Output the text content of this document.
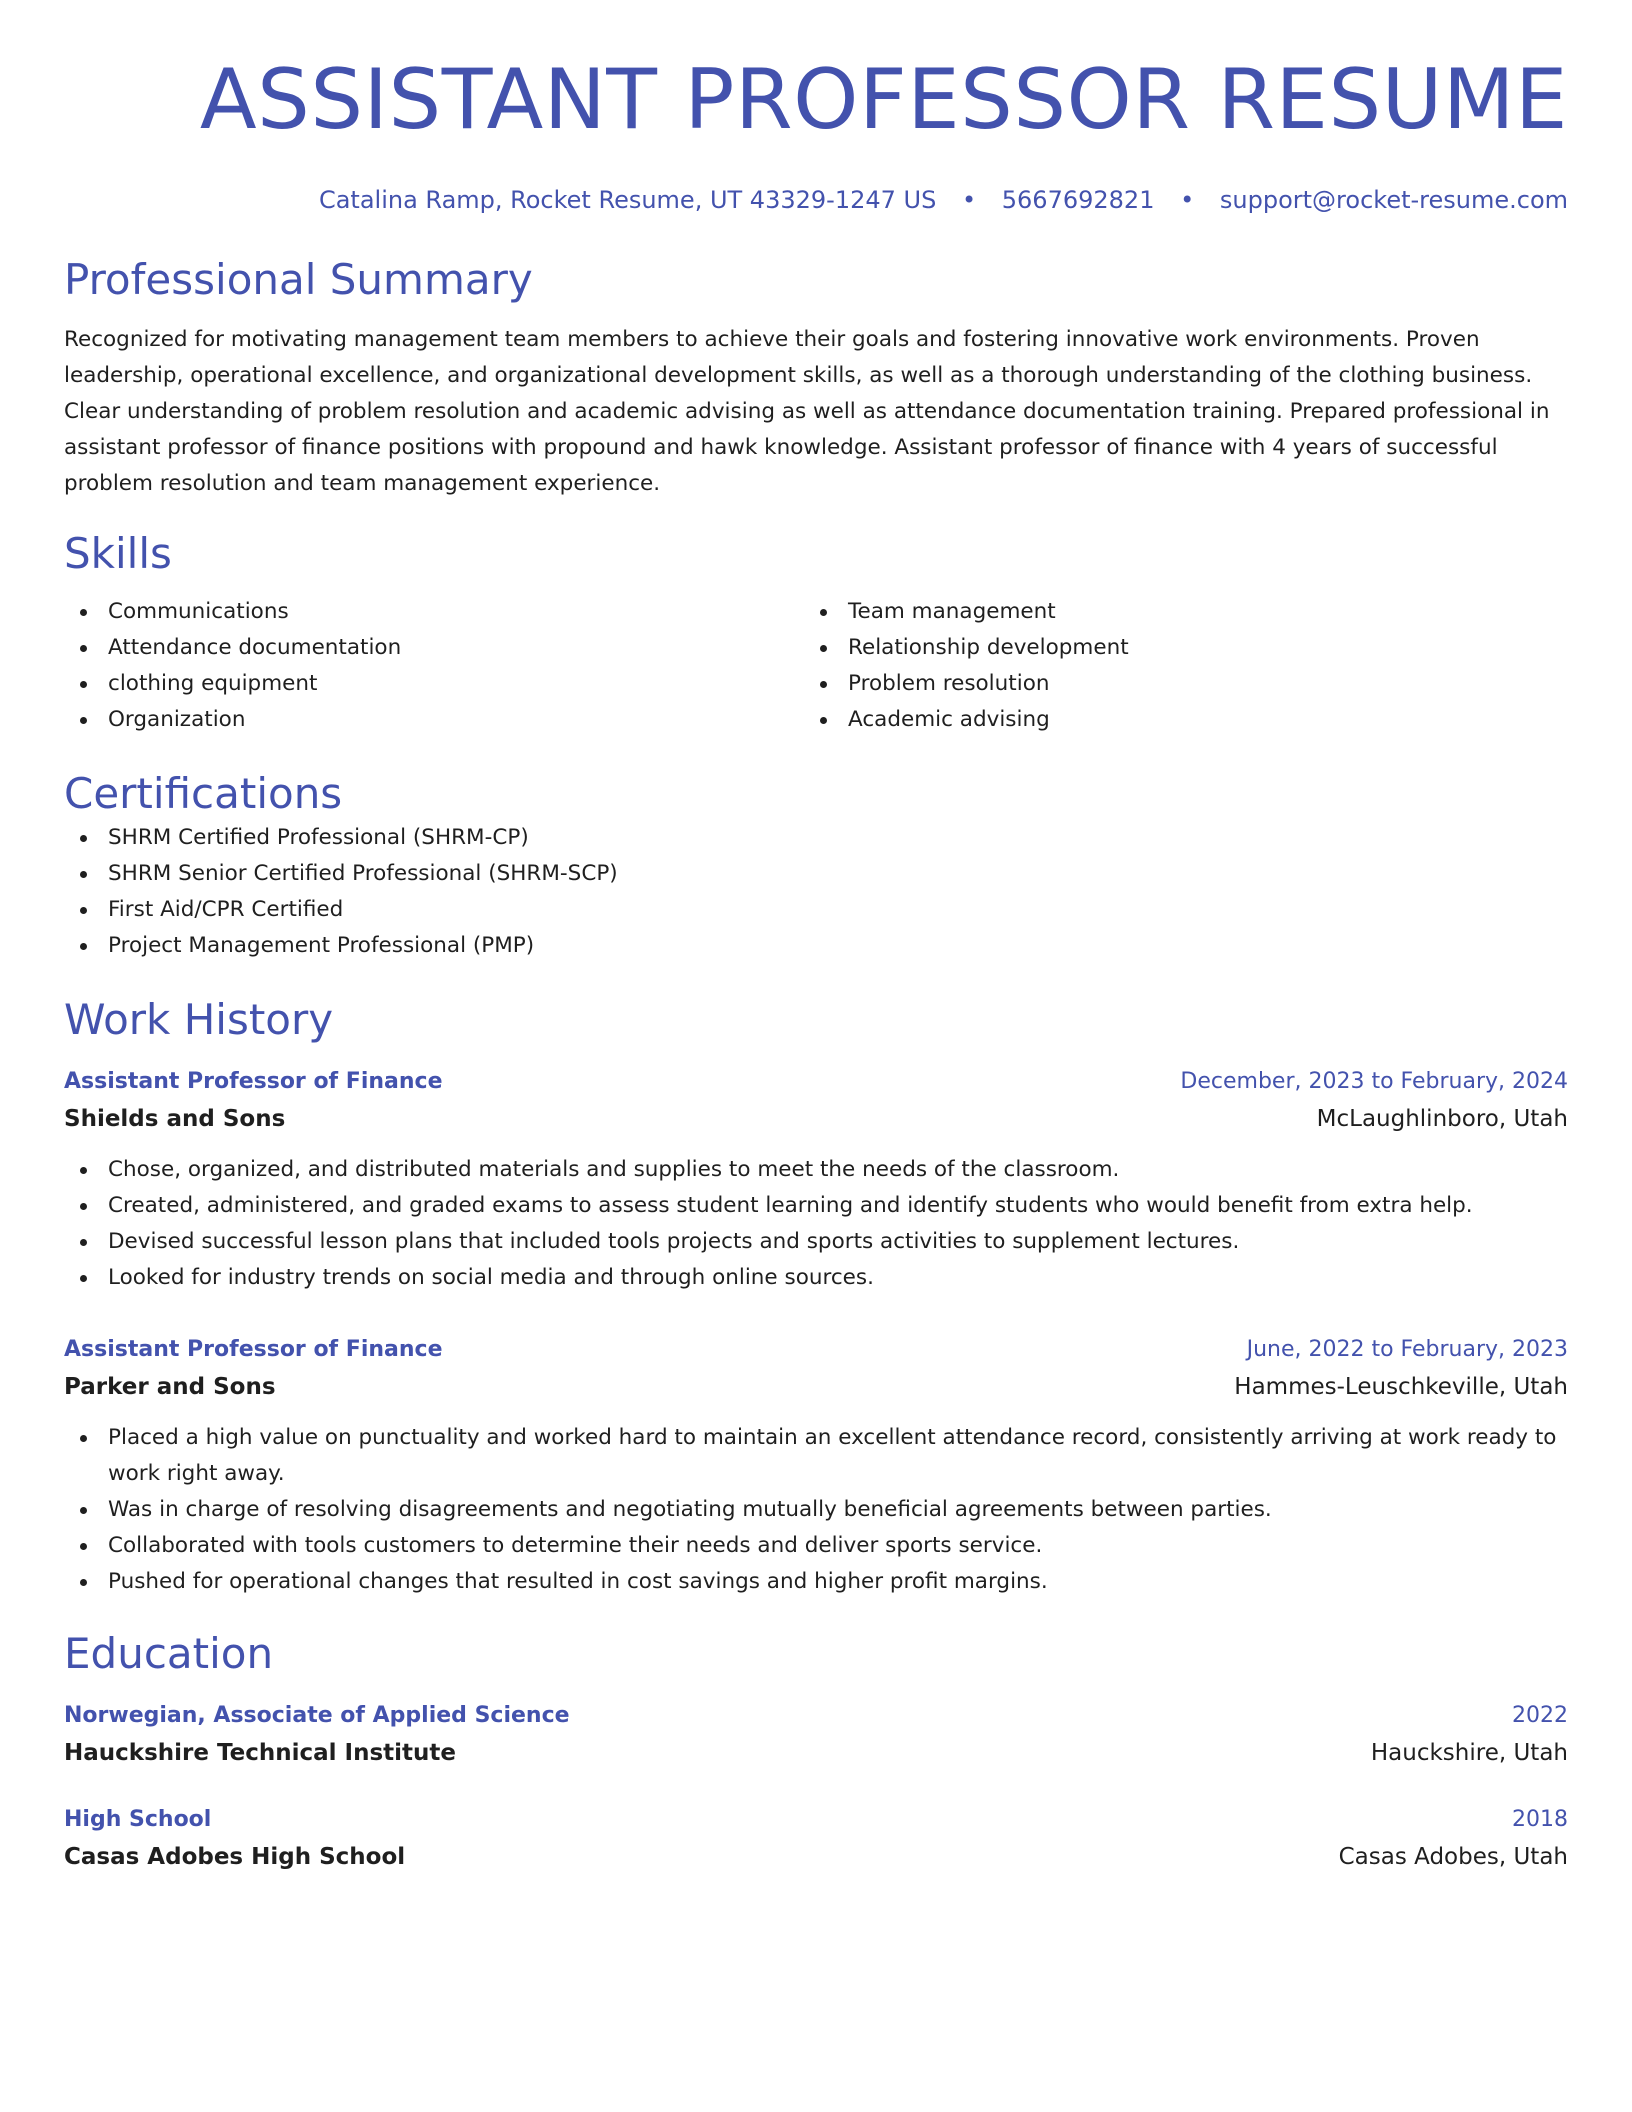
ASSISTANT PROFESSOR RESUME
Catalina Ramp, Rocket Resume, UT 43329-1247 US • 5667692821 • support@rocket-resume.com
Professional Summary
Recognized for motivating management team members to achieve their goals and fostering innovative work environments. Proven leadership, operational excellence, and organizational development skills, as well as a thorough understanding of the clothing business. Clear understanding of problem resolution and academic advising as well as attendance documentation training. Prepared professional in assistant professor of finance positions with propound and hawk knowledge. Assistant professor of finance with 4 years of successful problem resolution and team management experience.
Skills
Communications
Attendance documentation
clothing equipment
Organization
Team management
Relationship development
Problem resolution
Academic advising
Certifications
SHRM Certified Professional (SHRM-CP)
SHRM Senior Certified Professional (SHRM-SCP)
First Aid/CPR Certified
Project Management Professional (PMP)
Work History
Assistant Professor of Finance	December, 2023 to February, 2024
Shields and Sons	McLaughlinboro, Utah
Chose, organized, and distributed materials and supplies to meet the needs of the classroom.
Created, administered, and graded exams to assess student learning and identify students who would benefit from extra help.
Devised successful lesson plans that included tools projects and sports activities to supplement lectures.
Looked for industry trends on social media and through online sources.
Assistant Professor of Finance	June, 2022 to February, 2023
Parker and Sons	Hammes-Leuschkeville, Utah
Placed a high value on punctuality and worked hard to maintain an excellent attendance record, consistently arriving at work ready to work right away.
Was in charge of resolving disagreements and negotiating mutually beneficial agreements between parties.
Collaborated with tools customers to determine their needs and deliver sports service.
Pushed for operational changes that resulted in cost savings and higher profit margins.
Education
Norwegian, Associate of Applied Science	2022
Hauckshire Technical Institute	Hauckshire, Utah
High School	2018
Casas Adobes High School	Casas Adobes, Utah
